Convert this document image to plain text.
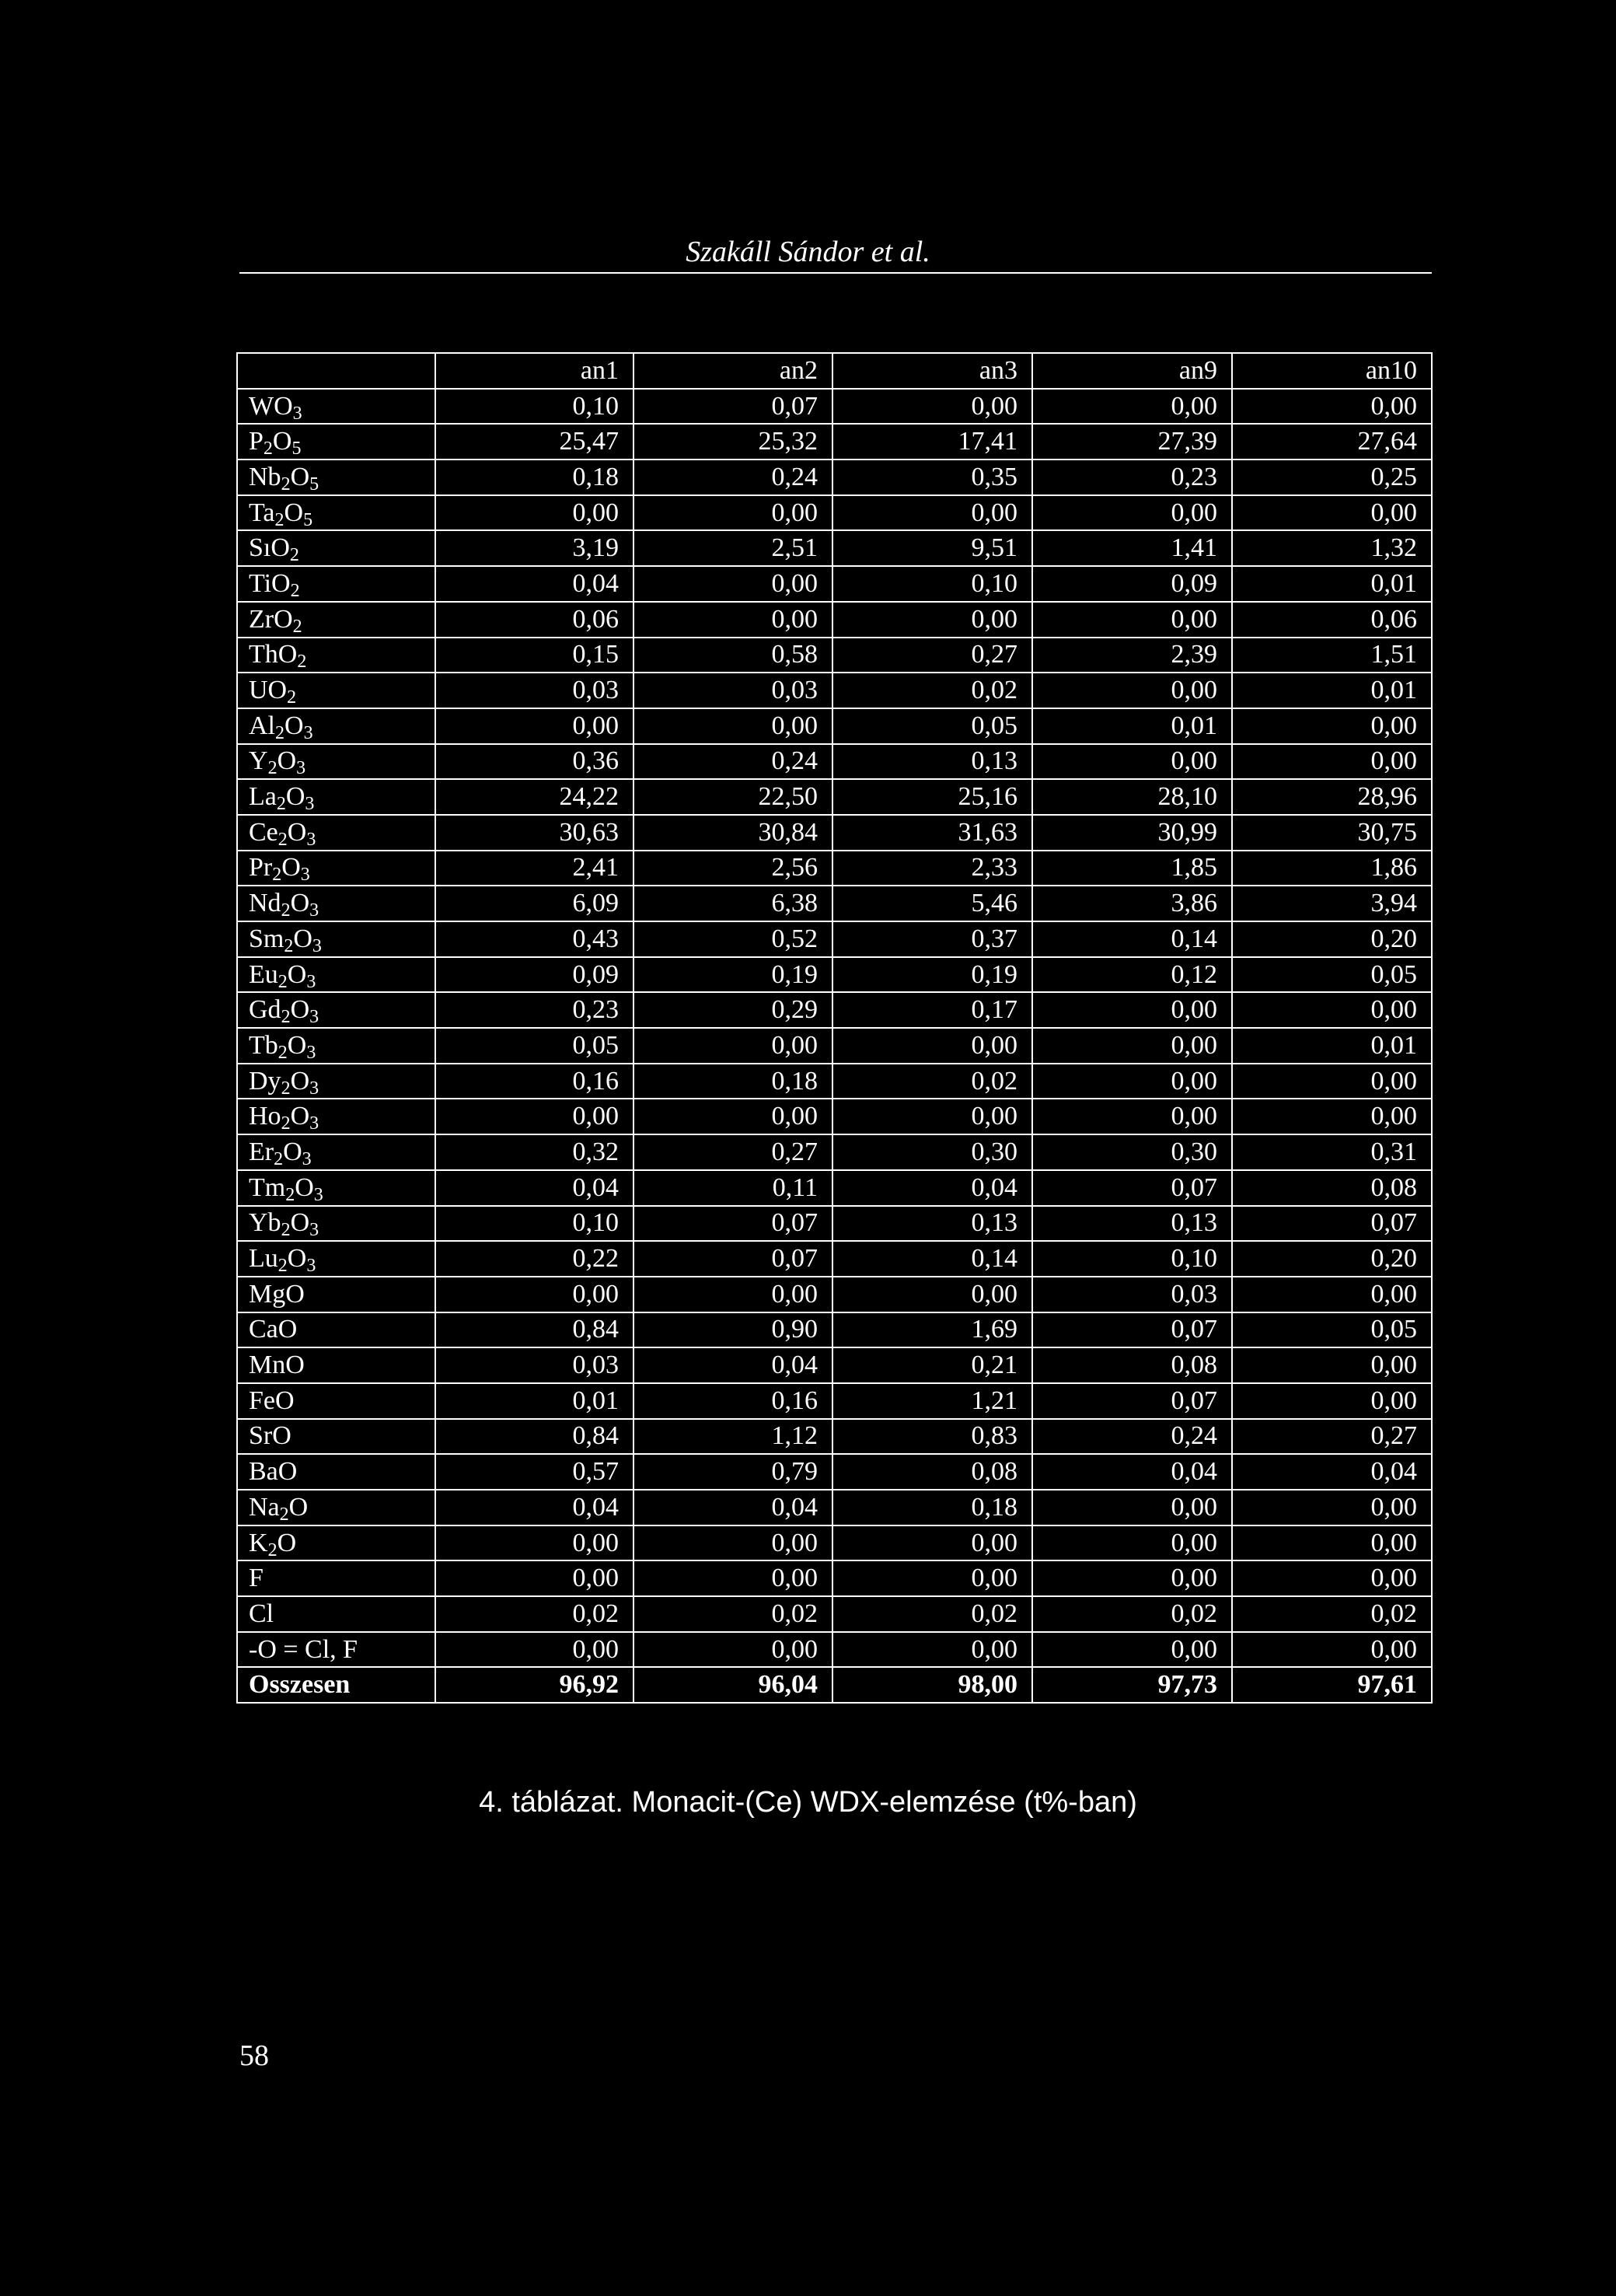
Szakáll Sándor et al.
	an1	an2	an3	an9	an10
$WO_3$	0,10	0,07	0,00	0,00	0,00
$P_2O_5$	25,47	25,32	17,41	27,39	27,64
$Nb_2O_5$	0,18	0,24	0,35	0,23	0,25
$Ta_2O_5$	0,00	0,00	0,00	0,00	0,00
SıO$_2$	3,19	2,51	9,51	1,41	1,32
TiO$_2$	0,04	0,00	0,10	0,09	0,01
ZrO$_2$	0,06	0,00	0,00	0,00	0,06
ThO$_2$	0,15	0,58	0,27	2,39	1,51
$UO_2$	0,03	0,03	0,02	0,00	0,01
$Al_2O_3$	0,00	0,00	0,05	0,01	0,00
$Y_2O_3$	0,36	0,24	0,13	0,00	0,00
$La_2O_3$	24,22	22,50	25,16	28,10	28,96
$Ce_2O_3$	30,63	30,84	31,63	30,99	30,75
$Pr_2O_3$	2,41	2,56	2,33	1,85	1,86
$Nd_2O_3$	6,09	6,38	5,46	3,86	3,94
$Sm_2O_3$	0,43	0,52	0,37	0,14	0,20
$Eu_2O_3$	0,09	0,19	0,19	0,12	0,05
$Gd_2O_3$	0,23	0,29	0,17	0,00	0,00
$Tb_2O_3$	0,05	0,00	0,00	0,00	0,01
$Dy_2O_3$	0,16	0,18	0,02	0,00	0,00
$Ho_2O_3$	0,00	0,00	0,00	0,00	0,00
$Er_2O_3$	0,32	0,27	0,30	0,30	0,31
$Tm_2O_3$	0,04	0,11	0,04	0,07	0,08
$Yb_2O_3$	0,10	0,07	0,13	0,13	0,07
$Lu_2O_3$	0,22	0,07	0,14	0,10	0,20
MgO	0,00	0,00	0,00	0,03	0,00
CaO	0,84	0,90	1,69	0,07	0,05
MnO	0,03	0,04	0,21	0,08	0,00
FeO	0,01	0,16	1,21	0,07	0,00
SrO	0,84	1,12	0,83	0,24	0,27
BaO	0,57	0,79	0,08	0,04	0,04
$Na_2O$	0,04	0,04	0,18	0,00	0,00
$K_2O$	0,00	0,00	0,00	0,00	0,00
F	0,00	0,00	0,00	0,00	0,00
Cl	0,02	0,02	0,02	0,02	0,02
-O = Cl, F	0,00	0,00	0,00	0,00	0,00
Osszesen	96,92	96,04	98,00	97,73	97,61
4. táblázat. Monacit-(Ce) WDX-elemzése (t%-ban)
58
